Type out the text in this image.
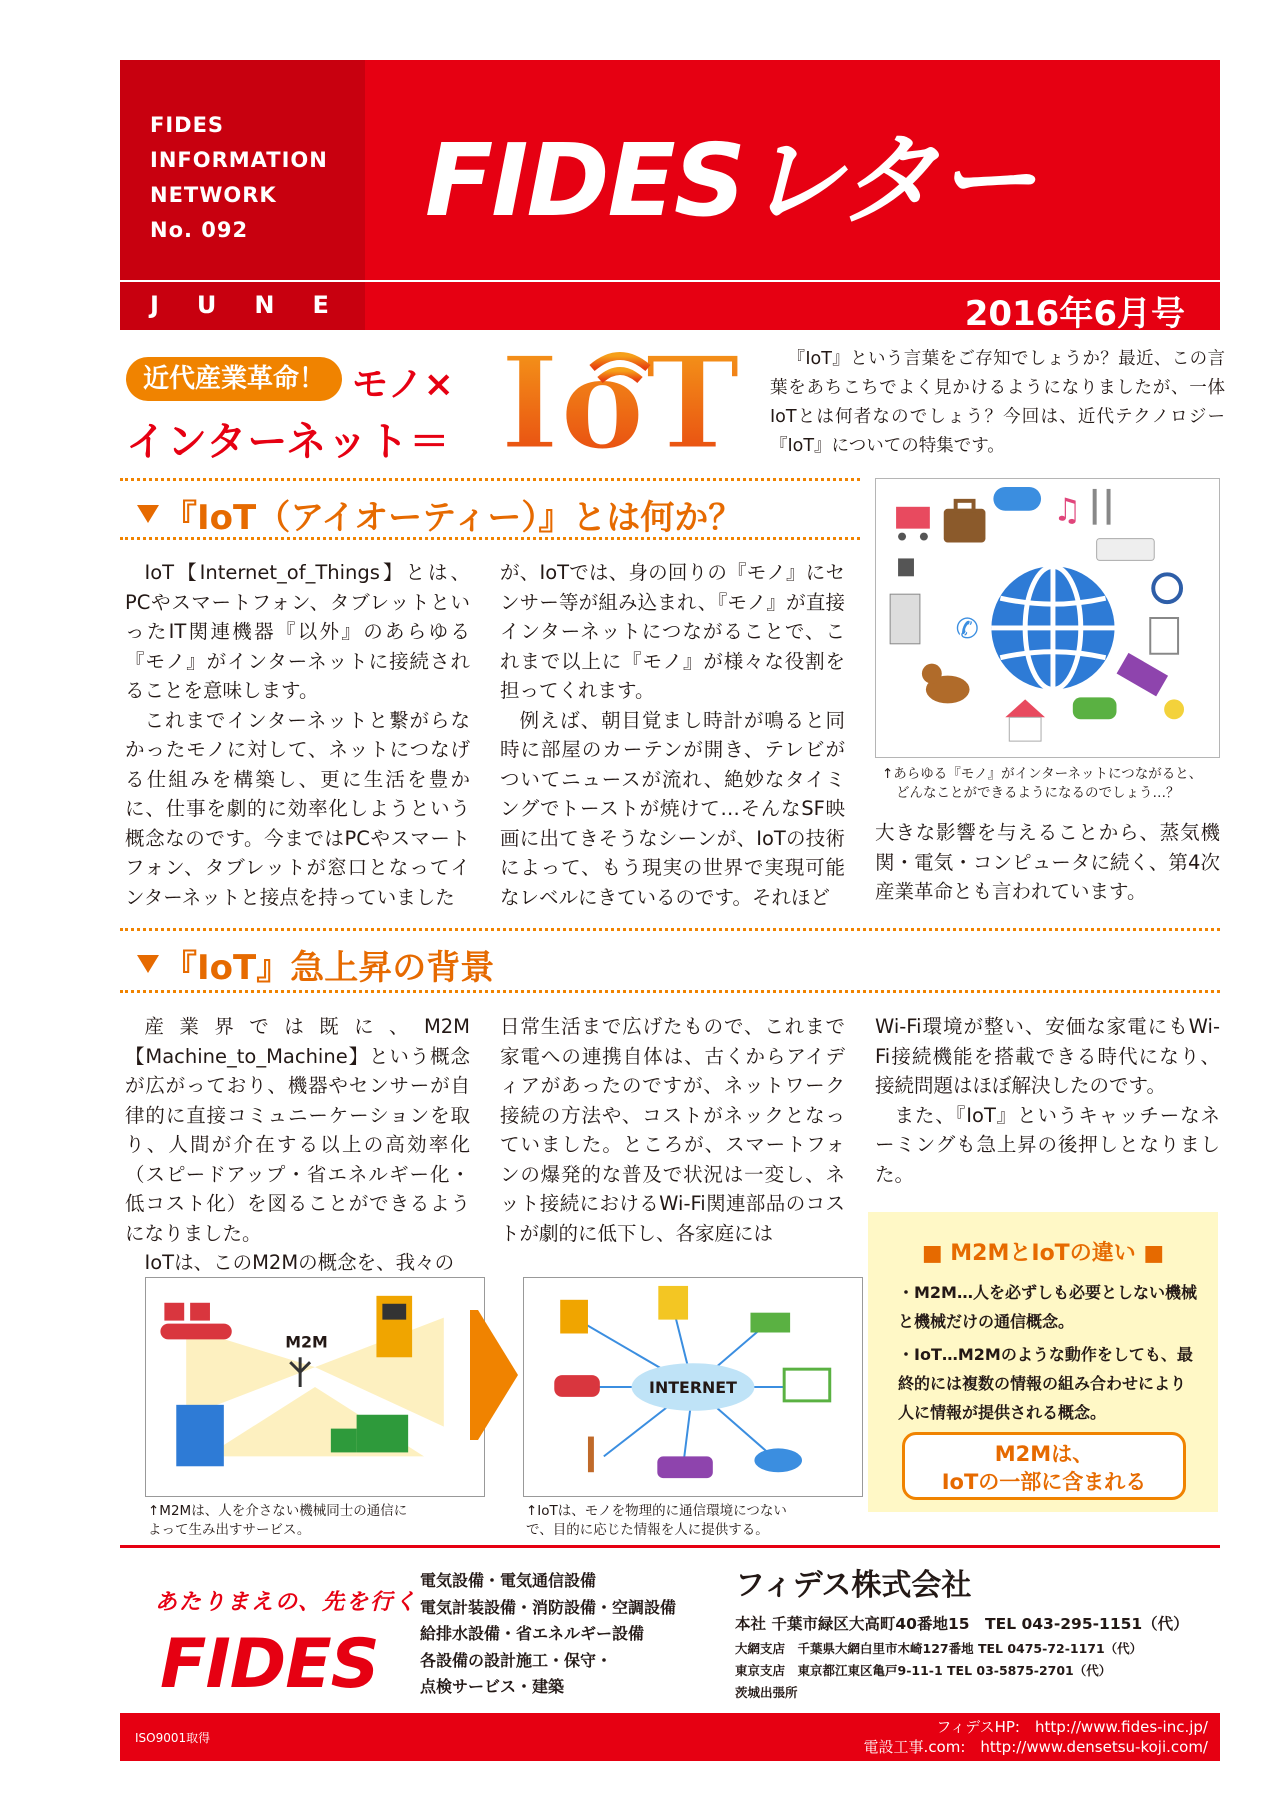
FIDES
INFORMATION
NETWORK
No. 092	FIDESレター
JUNE	2016年6月号
近代産業革命！ モノ×
インターネット＝ IoT	『IoT』という言葉をご存知でしょうか？最近、この言葉をあちこちでよく見かけるようになりましたが、一体IoTとは何者なのでしょう？今回は、近代テクノロジー『IoT』についての特集です。
『IoT（アイオーティー）』とは何か？

IoT【Internet_of_Things】とは、PCやスマートフォン、タブレットといったIT関連機器『以外』のあらゆる『モノ』がインターネットに接続されることを意味します。

これまでインターネットと繋がらなかったモノに対して、ネットにつなげる仕組みを構築し、更に生活を豊かに、仕事を劇的に効率化しようという概念なのです。今まではPCやスマートフォン、タブレットが窓口となってインターネットと接点を持っていました

が、IoTでは、身の回りの『モノ』にセンサー等が組み込まれ、『モノ』が直接インターネットにつながることで、これまで以上に『モノ』が様々な役割を担ってくれます。

例えば、朝目覚まし時計が鳴ると同時に部屋のカーテンが開き、テレビがついてニュースが流れ、絶妙なタイミングでトーストが焼けて…そんなSF映画に出てきそうなシーンが、IoTの技術によって、もう現実の世界で実現可能なレベルにきているのです。それほど

♫
✆
↑あらゆる『モノ』がインターネットにつながると、
どんなことができるようになるのでしょう…？
大きな影響を与えることから、蒸気機関・電気・コンピュータに続く、第4次産業革命とも言われています。
『IoT』急上昇の背景

産業界では既に、M2M【Machine_to_Machine】という概念が広がっており、機器やセンサーが自律的に直接コミュニーケーションを取り、人間が介在する以上の高効率化（スピードアップ・省エネルギー化・低コスト化）を図ることができるようになりました。

IoTは、このM2Mの概念を、我々の

日常生活まで広げたもので、これまで家電への連携自体は、古くからアイディアがあったのですが、ネットワーク接続の方法や、コストがネックとなっていました。ところが、スマートフォンの爆発的な普及で状況は一変し、ネット接続におけるWi-Fi関連部品のコストが劇的に低下し、各家庭には

Wi-Fi環境が整い、安価な家電にもWi-Fi接続機能を搭載できる時代になり、接続問題はほぼ解決したのです。

また、『IoT』というキャッチーなネーミングも急上昇の後押しとなりました。

M2M
↑M2Mは、人を介さない機械同士の通信に
よって生み出すサービス。
INTERNET
↑IoTは、モノを物理的に通信環境につない
で、目的に応じた情報を人に提供する。
■ M2MとIoTの違い ■
・M2M…人を必ずしも必要としない機械と機械だけの通信概念。
・IoT…M2Mのような動作をしても、最終的には複数の情報の組み合わせにより人に情報が提供される概念。
M2Mは、
IoTの一部に含まれる
あたりまえの、先を行く
FIDES
電気設備・電気通信設備
電気計装設備・消防設備・空調設備
給排水設備・省エネルギー設備
各設備の設計施工・保守・
点検サービス・建築
フィデス株式会社
本社 千葉市緑区大高町40番地15　TEL 043-295-1151（代）
大網支店　千葉県大網白里市木崎127番地 TEL 0475-72-1171（代）
東京支店　東京都江東区亀戸9-11-1 TEL 03-5875-2701（代）
茨城出張所
ISO9001取得
フィデスHP:　http://www.fides-inc.jp/
電設工事.com:　http://www.densetsu-koji.com/
